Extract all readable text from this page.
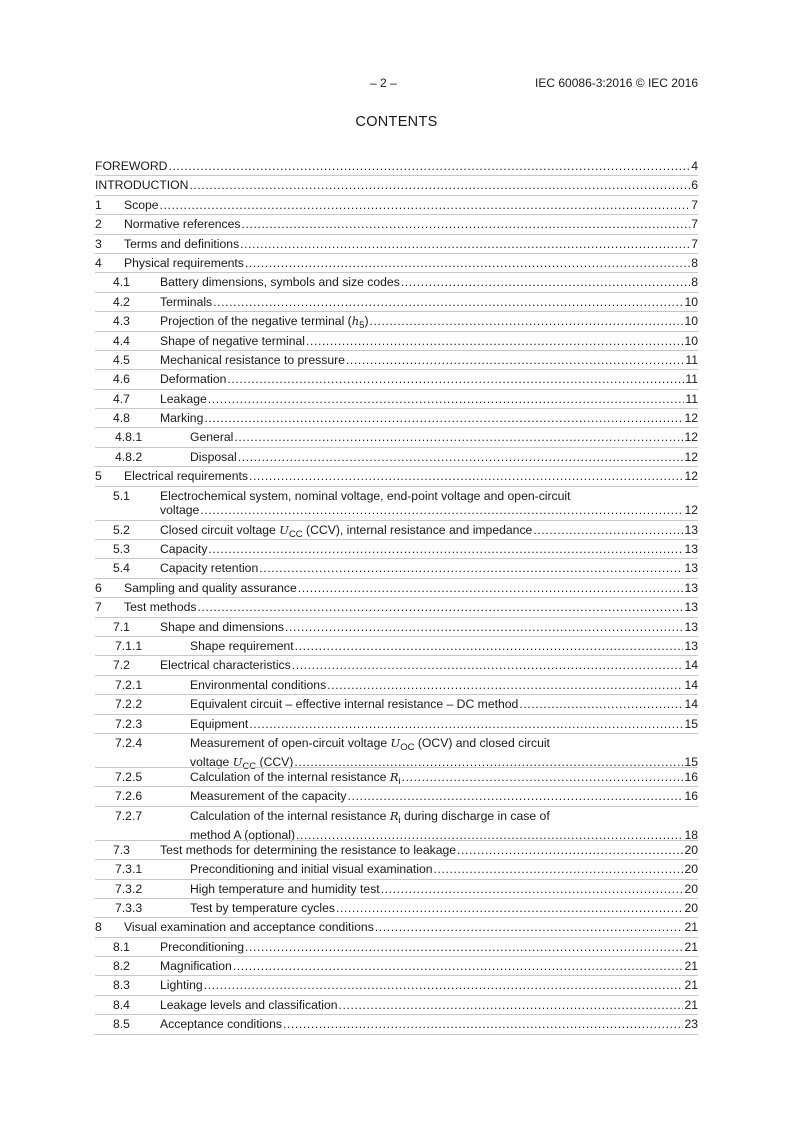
– 2 –	IEC 60086-3:2016 © IEC 2016
CONTENTS
FOREWORD .....	4
INTRODUCTION .....	6
1 Scope .....	7
2 Normative references .....	7
3 Terms and definitions .....	7
4 Physical requirements .....	8
4.1 Battery dimensions, symbols and size codes .....	8
4.2 Terminals .....	10
4.3 Projection of the negative terminal $(h_5)$ .....	10
4.4 Shape of negative terminal .....	10
4.5 Mechanical resistance to pressure .....	11
4.6 Deformation .....	11
4.7 Leakage .....	11
4.8 Marking .....	12
4.8.1	General .....	12
4.8.2	Disposal .....	12
5 Electrical requirements .....	12
5.1 Electrochemical system, nominal voltage, end-point voltage and open-circuit
voltage .....	12
5.2 Closed circuit voltage $U_{CC}$ (CCV), internal resistance and impedance .....	13
5.3 Capacity .....	13
5.4 Capacity retention .....	13
6 Sampling and quality assurance .....	13
7 Test methods .....	13
7.1 Shape and dimensions .....	13
7.1.1	Shape requirement .....	13
7.2 Electrical characteristics .....	14
7.2.1	Environmental conditions .....	14
7.2.2	Equivalent circuit – effective internal resistance – DC method .....	14
7.2.3	Equipment .....	15
7.2.4	Measurement of open-circuit voltage $U_{OC}$ (OCV) and closed circuit
voltage $U_{CC}$ (CCV) .....	15
7.2.5	Calculation of the internal resistance $R_i$ .....	16
7.2.6	Measurement of the capacity .....	16
7.2.7	Calculation of the internal resistance $R_i$ during discharge in case of
method A (optional) .....	18
7.3 Test methods for determining the resistance to leakage .....	20
7.3.1	Preconditioning and initial visual examination .....	20
7.3.2	High temperature and humidity test .....	20
7.3.3	Test by temperature cycles .....	20
8 Visual examination and acceptance conditions .....	21
8.1 Preconditioning .....	21
8.2 Magnification .....	21
8.3 Lighting .....	21
8.4 Leakage levels and classification .....	21
8.5 Acceptance conditions .....	23
